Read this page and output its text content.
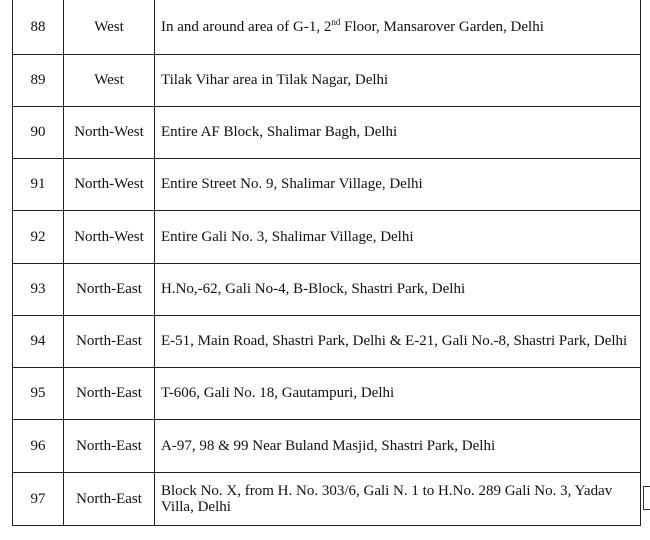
88	West	In and around area of G-1, 2nd Floor, Mansarover Garden, Delhi
89	West	Tilak Vihar area in Tilak Nagar, Delhi
90	North-West	Entire AF Block, Shalimar Bagh, Delhi
91	North-West	Entire Street No. 9, Shalimar Village, Delhi
92	North-West	Entire Gali No. 3, Shalimar Village, Delhi
93	North-East	H.No,-62, Gali No-4, B-Block, Shastri Park, Delhi
94	North-East	E-51, Main Road, Shastri Park, Delhi & E-21, Gali No.-8, Shastri Park, Delhi
95	North-East	T-606, Gali No. 18, Gautampuri, Delhi
96	North-East	A-97, 98 & 99 Near Buland Masjid, Shastri Park, Delhi
97	North-East	Block No. X, from H. No. 303/6, Gali N. 1 to H.No. 289 Gali No. 3, Yadav Villa, Delhi
